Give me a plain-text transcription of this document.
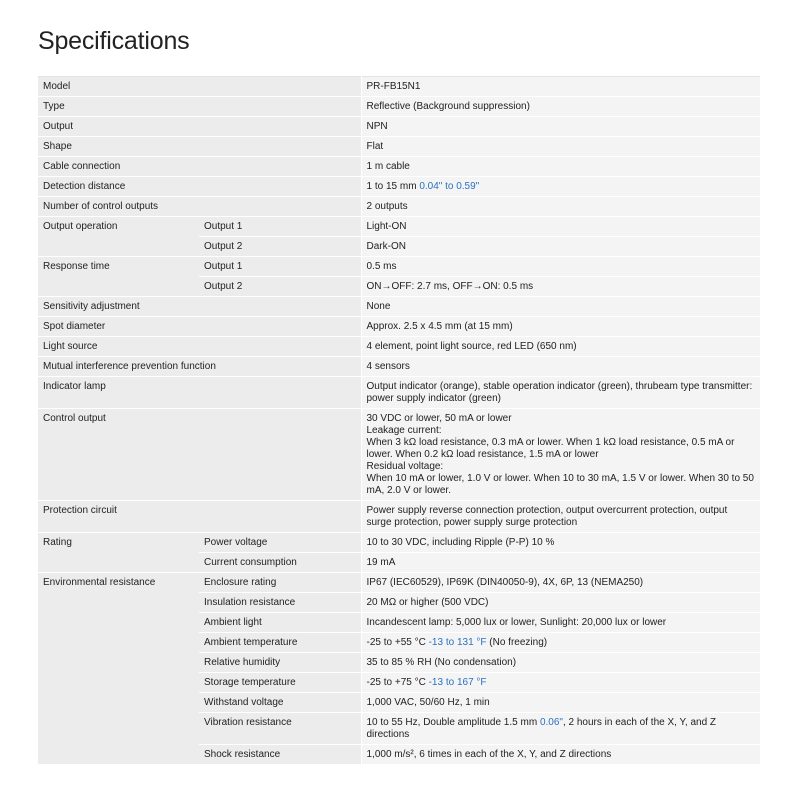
Specifications
Model		PR-FB15N1
Type		Reflective (Background suppression)
Output		NPN
Shape		Flat
Cable connection		1 m cable
Detection distance		1 to 15 mm 0.04" to 0.59"
Number of control outputs		2 outputs
Output operation	Output 1	Light-ON
	Output 2	Dark-ON
Response time	Output 1	0.5 ms
	Output 2	ON→OFF: 2.7 ms, OFF→ON: 0.5 ms
Sensitivity adjustment		None
Spot diameter		Approx. 2.5 x 4.5 mm (at 15 mm)
Light source		4 element, point light source, red LED (650 nm)
Mutual interference prevention function		4 sensors
Indicator lamp		Output indicator (orange), stable operation indicator (green), thrubeam type transmitter: power supply indicator (green)
Control output		30 VDC or lower, 50 mA or lower
Leakage current:
When 3 kΩ load resistance, 0.3 mA or lower. When 1 kΩ load resistance, 0.5 mA or lower. When 0.2 kΩ load resistance, 1.5 mA or lower
Residual voltage:
When 10 mA or lower, 1.0 V or lower. When 10 to 30 mA, 1.5 V or lower. When 30 to 50 mA, 2.0 V or lower.

Protection circuit		Power supply reverse connection protection, output overcurrent protection, output surge protection, power supply surge protection
Rating	Power voltage	10 to 30 VDC, including Ripple (P-P) 10 %
	Current consumption	19 mA
Environmental resistance	Enclosure rating	IP67 (IEC60529), IP69K (DIN40050-9), 4X, 6P, 13 (NEMA250)
	Insulation resistance	20 MΩ or higher (500 VDC)
	Ambient light	Incandescent lamp: 5,000 lux or lower, Sunlight: 20,000 lux or lower
	Ambient temperature	-25 to +55 °C -13 to 131 °F (No freezing)
	Relative humidity	35 to 85 % RH (No condensation)
	Storage temperature	-25 to +75 °C -13 to 167 °F
	Withstand voltage	1,000 VAC, 50/60 Hz, 1 min
	Vibration resistance	10 to 55 Hz, Double amplitude 1.5 mm 0.06", 2 hours in each of the X, Y, and Z directions
	Shock resistance	1,000 m/s², 6 times in each of the X, Y, and Z directions
